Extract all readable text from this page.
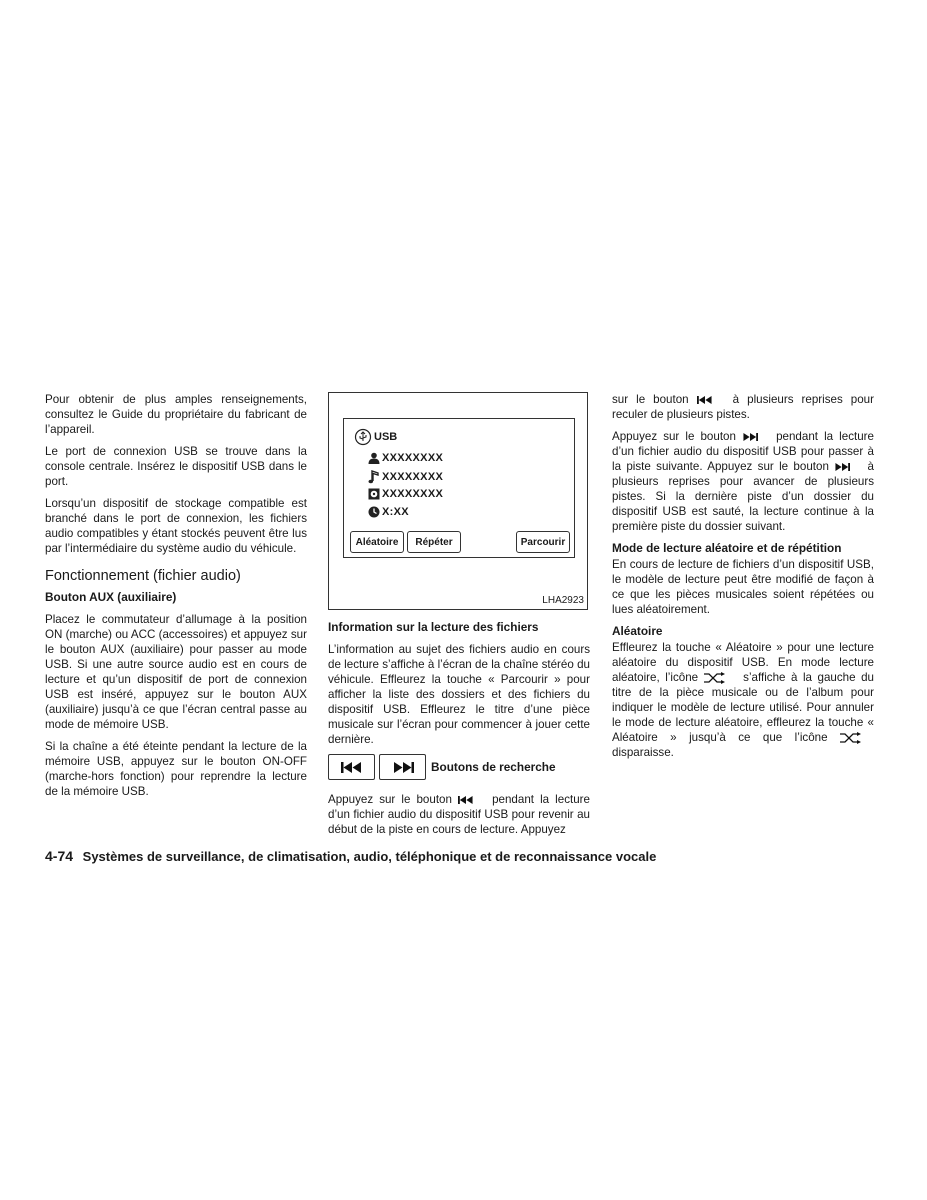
Pour obtenir de plus amples renseignements, consultez le Guide du propriétaire du fabricant de l’appareil.

Le port de connexion USB se trouve dans la console centrale. Insérez le dispositif USB dans le port.

Lorsqu’un dispositif de stockage compatible est branché dans le port de connexion, les fichiers audio compatibles y étant stockés peuvent être lus par l’intermédiaire du système audio du véhicule.

Fonctionnement (fichier audio)
Bouton AUX (auxiliaire)

Placez le commutateur d’allumage à la position ON (marche) ou ACC (accessoires) et appuyez sur le bouton AUX (auxiliaire) pour passer au mode USB. Si une autre source audio est en cours de lecture et qu’un dispositif de port de connexion USB est inséré, appuyez sur le bouton AUX (auxiliaire) jusqu’à ce que l’écran central passe au mode de mémoire USB.

Si la chaîne a été éteinte pendant la lecture de la mémoire USB, appuyez sur le bouton ON-OFF (marche-hors fonction) pour reprendre la lecture de la mémoire USB.

USB
XXXXXXXX
XXXXXXXX
XXXXXXXX
X:XX
Aléatoire	Répéter	Parcourir
LHA2923
Information sur la lecture des fichiers

L’information au sujet des fichiers audio en cours de lecture s’affiche à l’écran de la chaîne stéréo du véhicule. Effleurez la touche « Parcourir » pour afficher la liste des dossiers et des fichiers du dispositif USB. Effleurez le titre d’une pièce musicale sur l’écran pour commencer à jouer cette dernière.

Boutons de recherche

Appuyez sur le bouton	pendant la lecture d’un fichier audio du dispositif USB pour revenir au début de la piste en cours de lecture. Appuyez

sur le bouton	à plusieurs reprises pour reculer de plusieurs pistes.

Appuyez sur le bouton	pendant la lecture d’un fichier audio du dispositif USB pour passer à la piste suivante. Appuyez sur le bouton	à plusieurs reprises pour avancer de plusieurs pistes. Si la dernière piste d’un dossier du dispositif USB est sauté, la lecture continue à la première piste du dossier suivant.

Mode de lecture aléatoire et de répétition

En cours de lecture de fichiers d’un dispositif USB, le modèle de lecture peut être modifié de façon à ce que les pièces musicales soient répétées ou lues aléatoirement.

Aléatoire

Effleurez la touche « Aléatoire » pour une lecture aléatoire du dispositif USB. En mode lecture aléatoire, l’icône	s’affiche à la gauche du titre de la pièce musicale ou de l’album pour indiquer le modèle de lecture utilisé. Pour annuler le mode de lecture aléatoire, effleurez la touche « Aléatoire » jusqu’à ce que l’icône  disparaisse.

4-74 Systèmes de surveillance, de climatisation, audio, téléphonique et de reconnaissance vocale
